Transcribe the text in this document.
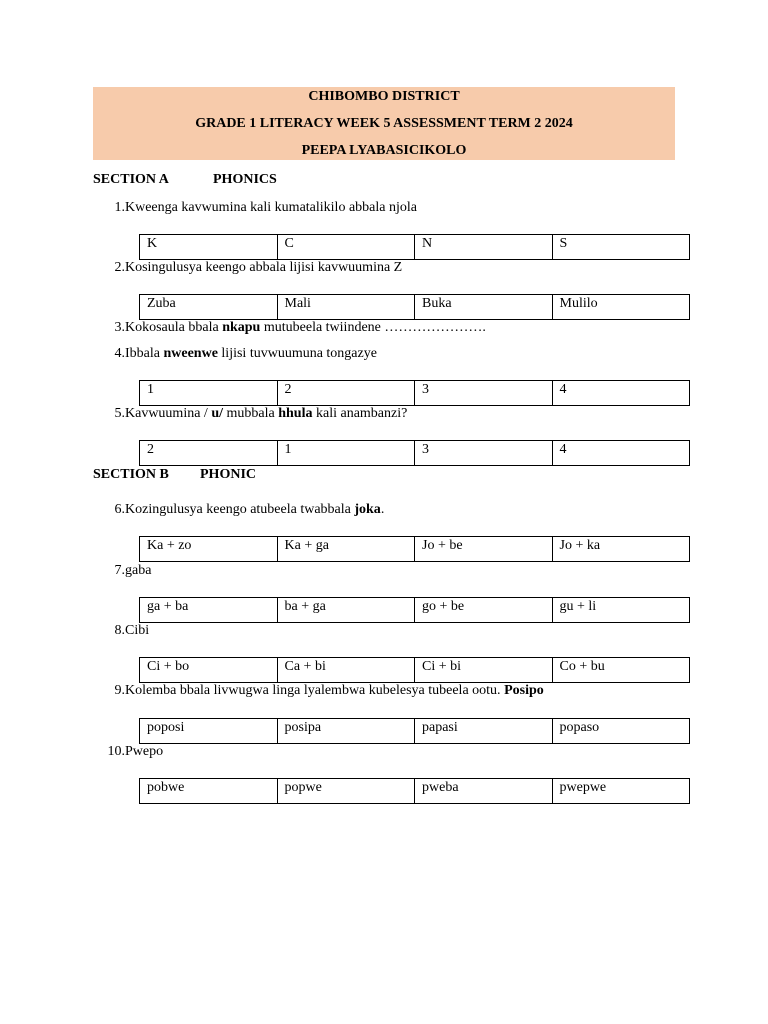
CHIBOMBO DISTRICT
GRADE 1 LITERACY WEEK 5 ASSESSMENT TERM 2 2024
PEEPA LYABASICIKOLO
SECTION A	PHONICS
1. Kweenga kavwumina kali kumatalikilo abbala njola
K	C	N	S
2. Kosingulusya keengo abbala lijisi kavwuumina Z
Zuba	Mali	Buka	Mulilo
3. Kokosaula bbala nkapu mutubeela twiindene ………………….
4. Ibbala nweenwe lijisi tuvwuumuna tongazye
1	2	3	4
5. Kavwuumina / u/ mubbala hhula kali anambanzi?
2	1	3	4
SECTION B PHONIC
6. Kozingulusya keengo atubeela twabbala joka.
Ka + zo	Ka + ga	Jo + be	Jo + ka
7. gaba
ga + ba	ba + ga	go + be	gu + li
8. Cibi
Ci + bo	Ca + bi	Ci + bi	Co + bu
9. Kolemba bbala livwugwa linga lyalembwa kubelesya tubeela ootu. Posipo
poposi	posipa	papasi	popaso
10. Pwepo
pobwe	popwe	pweba	pwepwe
